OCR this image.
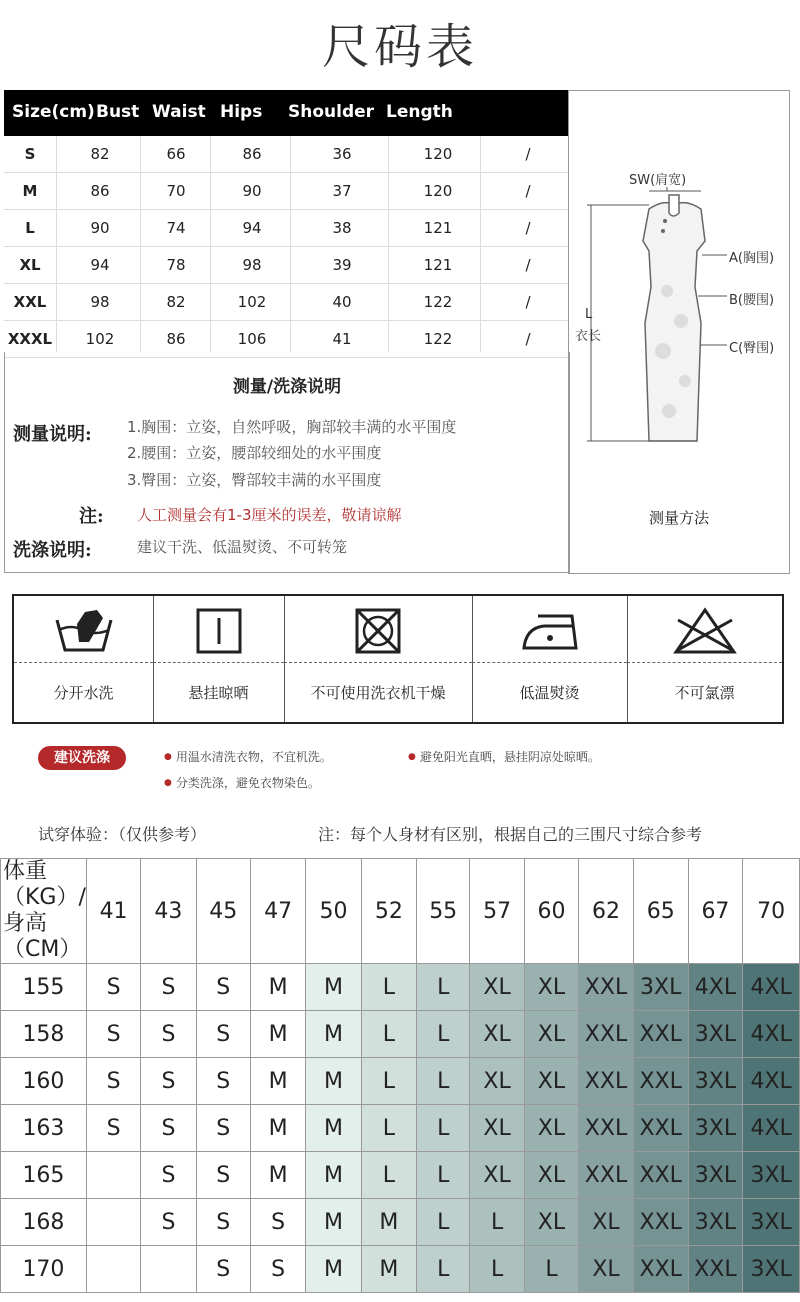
尺码表
Size(cm) Bust Waist Hips Shoulder Length
S	82	66	86	36	120	/
M	86	70	90	37	120	/
L	90	74	94	38	121	/
XL	94	78	98	39	121	/
XXL	98	82	102	40	122	/
XXXL	102	86	106	41	122	/
测量/洗涤说明
测量说明: 1.胸围：立姿，自然呼吸，胸部较丰满的水平围度
2.腰围：立姿，腰部较细处的水平围度
3.臀围：立姿，臀部较丰满的水平围度
注: 人工测量会有1-3厘米的误差，敬请谅解
洗涤说明:	建议干洗、低温熨烫、不可转笼
SW(肩宽)
A(胸围)
B(腰围)
C(臀围)
L
衣长
测量方法
分开水洗	悬挂晾晒	不可使用洗衣机干燥	低温熨烫	不可氯漂
建议洗涤	● 用温水清洗衣物，不宜机洗。	● 避免阳光直晒，悬挂阴凉处晾晒。
● 分类洗涤，避免衣物染色。
试穿体验：（仅供参考）	注：每个人身材有区别，根据自己的三围尺寸综合参考
体重（KG）/
身高（CM）	41	43	45	47	50	52	55	57	60	62	65	67	70
155	S	S	S	M	M	L	L	XL	XL	XXL	3XL	4XL	4XL
158	S	S	S	M	M	L	L	XL	XL	XXL	XXL	3XL	4XL
160	S	S	S	M	M	L	L	XL	XL	XXL	XXL	3XL	4XL
163	S	S	S	M	M	L	L	XL	XL	XXL	XXL	3XL	4XL
165		S	S	M	M	L	L	XL	XL	XXL	XXL	3XL	3XL
168		S	S	S	M	M	L	L	XL	XL	XXL	3XL	3XL
170			S	S	M	M	L	L	L	XL	XXL	XXL	3XL
